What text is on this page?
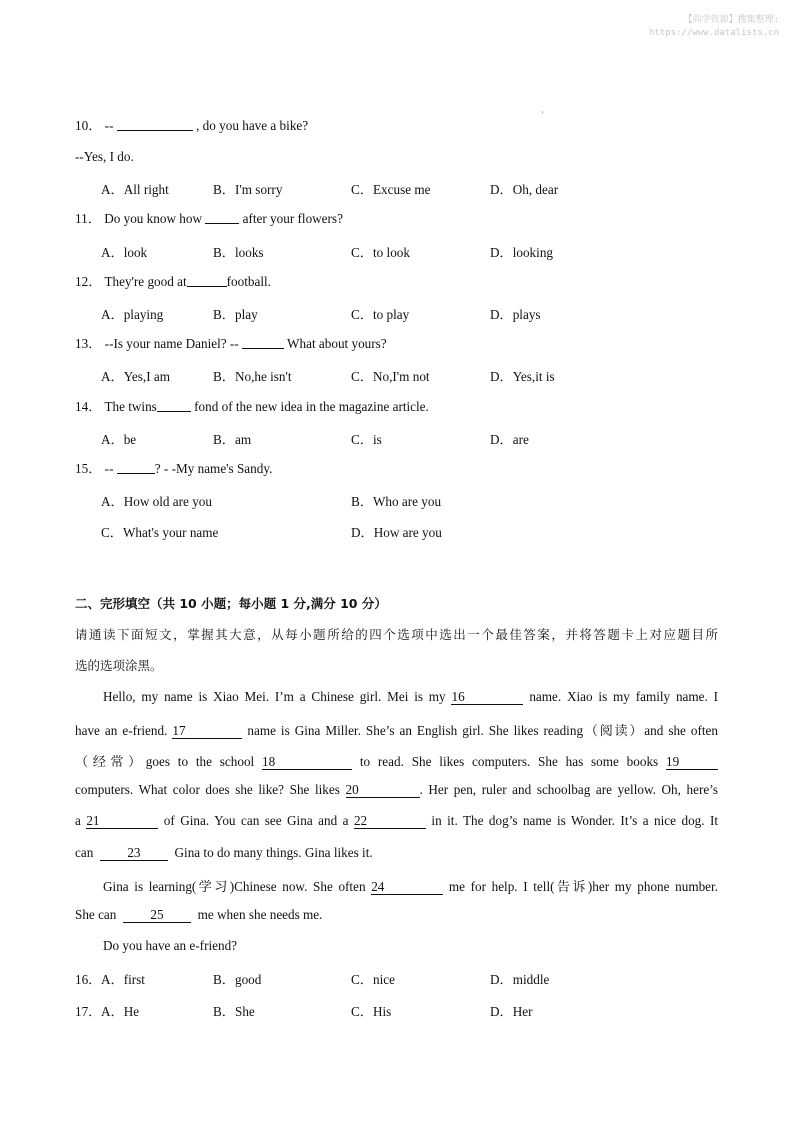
【尚学资源】搜集整理:
https://www.datalists.cn
'
10． --	, do you have a bike?
--Yes, I do.
A．All right	B．I'm sorry	C．Excuse me	D．Oh, dear
11． Do you know how	after your flowers?
A．look	B．looks	C．to look	D．looking
12． They're good at	football.
A．playing	B．play	C．to play	D．plays
13． --Is your name Daniel? --	What about yours?
A．Yes,I am	B．No,he isn't	C．No,I'm not	D．Yes,it is
14． The twins	fond of the new idea in the magazine article.
A．be	B．am	C．is	D．are
15． --	? - -My name's Sandy.
A．How old are you	B．Who are you
C．What's your name	D．How are you
二、完形填空（共 10 小题；每小题 1 分,满分 10 分）
请通读下面短文，掌握其大意，从每小题所给的四个选项中选出一个最佳答案，并将答题卡上对应题目所
选的选项涂黑。
Hello, my name is Xiao Mei. I’m a Chinese girl. Mei is my 16	name. Xiao is my family name. I
have an e-friend. 17	name is Gina Miller. She’s an English girl. She likes reading（阅读）and she often
（经常）goes to the school 18	to read. She likes computers. She has some books 19
computers. What color does she like? She likes 20	. Her pen, ruler and schoolbag are yellow. Oh, here’s
a 21	of Gina. You can see Gina and a 22	in it. The dog’s name is Wonder. It’s a nice dog. It
can	23	Gina to do many things. Gina likes it.
Gina is learning(学习)Chinese now. She often 24	me for help. I tell(告诉)her my phone number.
She can	25	me when she needs me.
Do you have an e-friend?
16． A．first	B．good	C．nice	D．middle
17． A．He	B．She	C．His	D．Her
